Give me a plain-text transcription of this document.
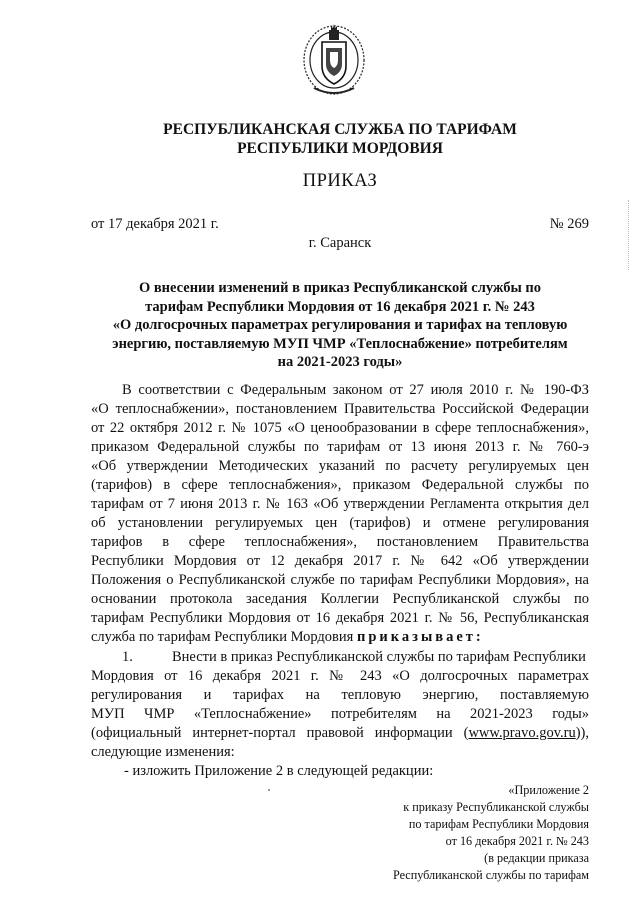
РЕСПУБЛИКАНСКАЯ СЛУЖБА ПО ТАРИФАМ
РЕСПУБЛИКИ МОРДОВИЯ
ПРИКАЗ
от 17 декабря 2021 г.	№ 269
г. Саранск
О внесении изменений в приказ Республиканской службы по
тарифам Республики Мордовия от 16 декабря 2021 г. № 243
«О долгосрочных параметрах регулирования и тарифах на тепловую
энергию, поставляемую МУП ЧМР «Теплоснабжение» потребителям
на 2021-2023 годы»
В соответствии с Федеральным законом от 27 июля 2010 г. № 190-ФЗ
«О теплоснабжении», постановлением Правительства Российской Федерации
от 22 октября 2012 г. № 1075 «О ценообразовании в сфере теплоснабжения»,
приказом Федеральной службы по тарифам от 13 июня 2013 г. № 760-э
«Об утверждении Методических указаний по расчету регулируемых цен
(тарифов) в сфере теплоснабжения», приказом Федеральной службы по
тарифам от 7 июня 2013 г. № 163 «Об утверждении Регламента открытия дел
об установлении регулируемых цен (тарифов) и отмене регулирования
тарифов в сфере теплоснабжения», постановлением Правительства
Республики Мордовия от 12 декабря 2017 г. № 642 «Об утверждении
Положения о Республиканской службе по тарифам Республики Мордовия», на
основании протокола заседания Коллегии Республиканской службы по
тарифам Республики Мордовия от 16 декабря 2021 г. № 56, Республиканская
служба по тарифам Республики Мордовия приказывает:
1.	Внести в приказ Республиканской службы по тарифам Республики
Мордовия от 16 декабря 2021 г. № 243 «О долгосрочных параметрах
регулирования и тарифах на тепловую энергию, поставляемую
МУП ЧМР «Теплоснабжение» потребителям на 2021-2023 годы»
(официальный интернет-портал правовой информации (www.pravo.gov.ru)),
следующие изменения:
- изложить Приложение 2 в следующей редакции:
«Приложение 2
к приказу Республиканской службы
по тарифам Республики Мордовия
от 16 декабря 2021 г. № 243
(в редакции приказа
Республиканской службы по тарифам
